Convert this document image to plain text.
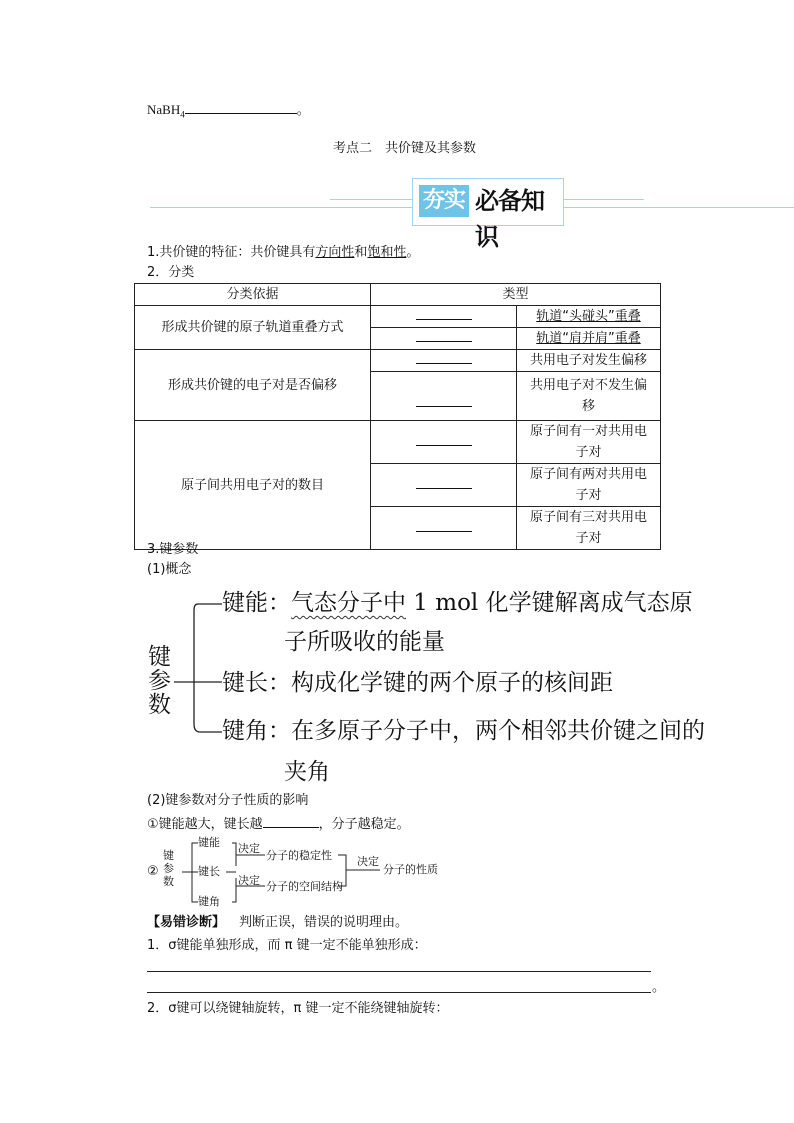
NaBH$_4$	。
考点二　共价键及其参数
夯实 必备知识
1.共价键的特征：共价键具有方向性和饱和性。
2．分类
分类依据	类型	
形成共价键的原子轨道重叠方式		轨道“头碰头”重叠
		轨道“肩并肩”重叠
形成共价键的电子对是否偏移		共用电子对发生偏移
		共用电子对不发生偏
移
原子间共用电子对的数目		原子间有一对共用电
子对
		原子间有两对共用电
子对
		原子间有三对共用电
子对
3.键参数
(1)概念
键
参
数
键能：气态分子中 1 mol 化学键解离成气态原
子所吸收的能量
键长：构成化学键的两个原子的核间距
键角：在多原子分子中，两个相邻共价键之间的
夹角
(2)键参数对分子性质的影响
①键能越大，键长越	，分子越稳定。
②
键
参
数
键能
键长
键角
决定
决定
分子的稳定性
分子的空间结构
决定
分子的性质
【易错诊断】 判断正误，错误的说明理由。
1．σ键能单独形成，而 π 键一定不能单独形成：
。
2．σ键可以绕键轴旋转，π 键一定不能绕键轴旋转：
